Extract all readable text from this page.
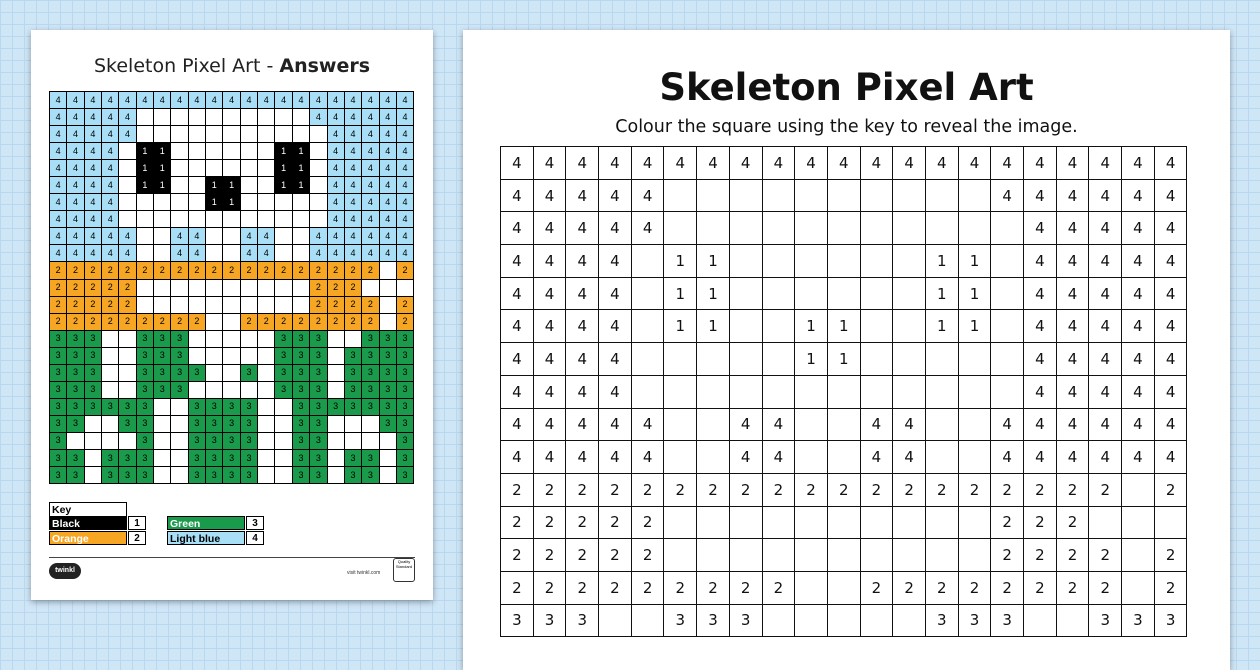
Skeleton Pixel Art - Answers
4	4	4	4	4	4	4	4	4	4	4	4	4	4	4	4	4	4	4	4	4
4	4	4	4	4											4	4	4	4	4	4
4	4	4	4	4												4	4	4	4	4
4	4	4	4		1	1							1	1		4	4	4	4	4
4	4	4	4		1	1							1	1		4	4	4	4	4
4	4	4	4		1	1			1	1			1	1		4	4	4	4	4
4	4	4	4						1	1						4	4	4	4	4
4	4	4	4													4	4	4	4	4
4	4	4	4	4			4	4			4	4			4	4	4	4	4	4
4	4	4	4	4			4	4			4	4			4	4	4	4	4	4
2	2	2	2	2	2	2	2	2	2	2	2	2	2	2	2	2	2	2		2
2	2	2	2	2											2	2	2			
2	2	2	2	2											2	2	2	2		2
2	2	2	2	2	2	2	2	2			2	2	2	2	2	2	2	2		2
3	3	3			3	3	3						3	3	3			3	3	3
3	3	3			3	3	3						3	3	3		3	3	3	3
3	3	3			3	3	3	3			3		3	3	3		3	3	3	3
3	3	3			3	3	3						3	3	3		3	3	3	3
3	3	3	3	3	3			3	3	3	3			3	3	3	3	3	3	3
3	3			3	3			3	3	3	3			3	3				3	3
3					3			3	3	3	3			3	3					3
3	3		3	3	3			3	3	3	3			3	3		3	3		3
3	3		3	3	3			3	3	3	3			3	3		3	3		3
Key
Black	1
Orange	2
Green	3
Light blue	4
twinkl	visit twinkl.com
Quality Standard
Skeleton Pixel Art
Colour the square using the key to reveal the image.
4	4	4	4	4	4	4	4	4	4	4	4	4	4	4	4	4	4	4	4	4
4	4	4	4	4											4	4	4	4	4	4
4	4	4	4	4												4	4	4	4	4
4	4	4	4		1	1							1	1		4	4	4	4	4
4	4	4	4		1	1							1	1		4	4	4	4	4
4	4	4	4		1	1			1	1			1	1		4	4	4	4	4
4	4	4	4						1	1						4	4	4	4	4
4	4	4	4													4	4	4	4	4
4	4	4	4	4			4	4			4	4			4	4	4	4	4	4
4	4	4	4	4			4	4			4	4			4	4	4	4	4	4
2	2	2	2	2	2	2	2	2	2	2	2	2	2	2	2	2	2	2		2
2	2	2	2	2											2	2	2			
2	2	2	2	2											2	2	2	2		2
2	2	2	2	2	2	2	2	2			2	2	2	2	2	2	2	2		2
3	3	3			3	3	3						3	3	3			3	3	3
